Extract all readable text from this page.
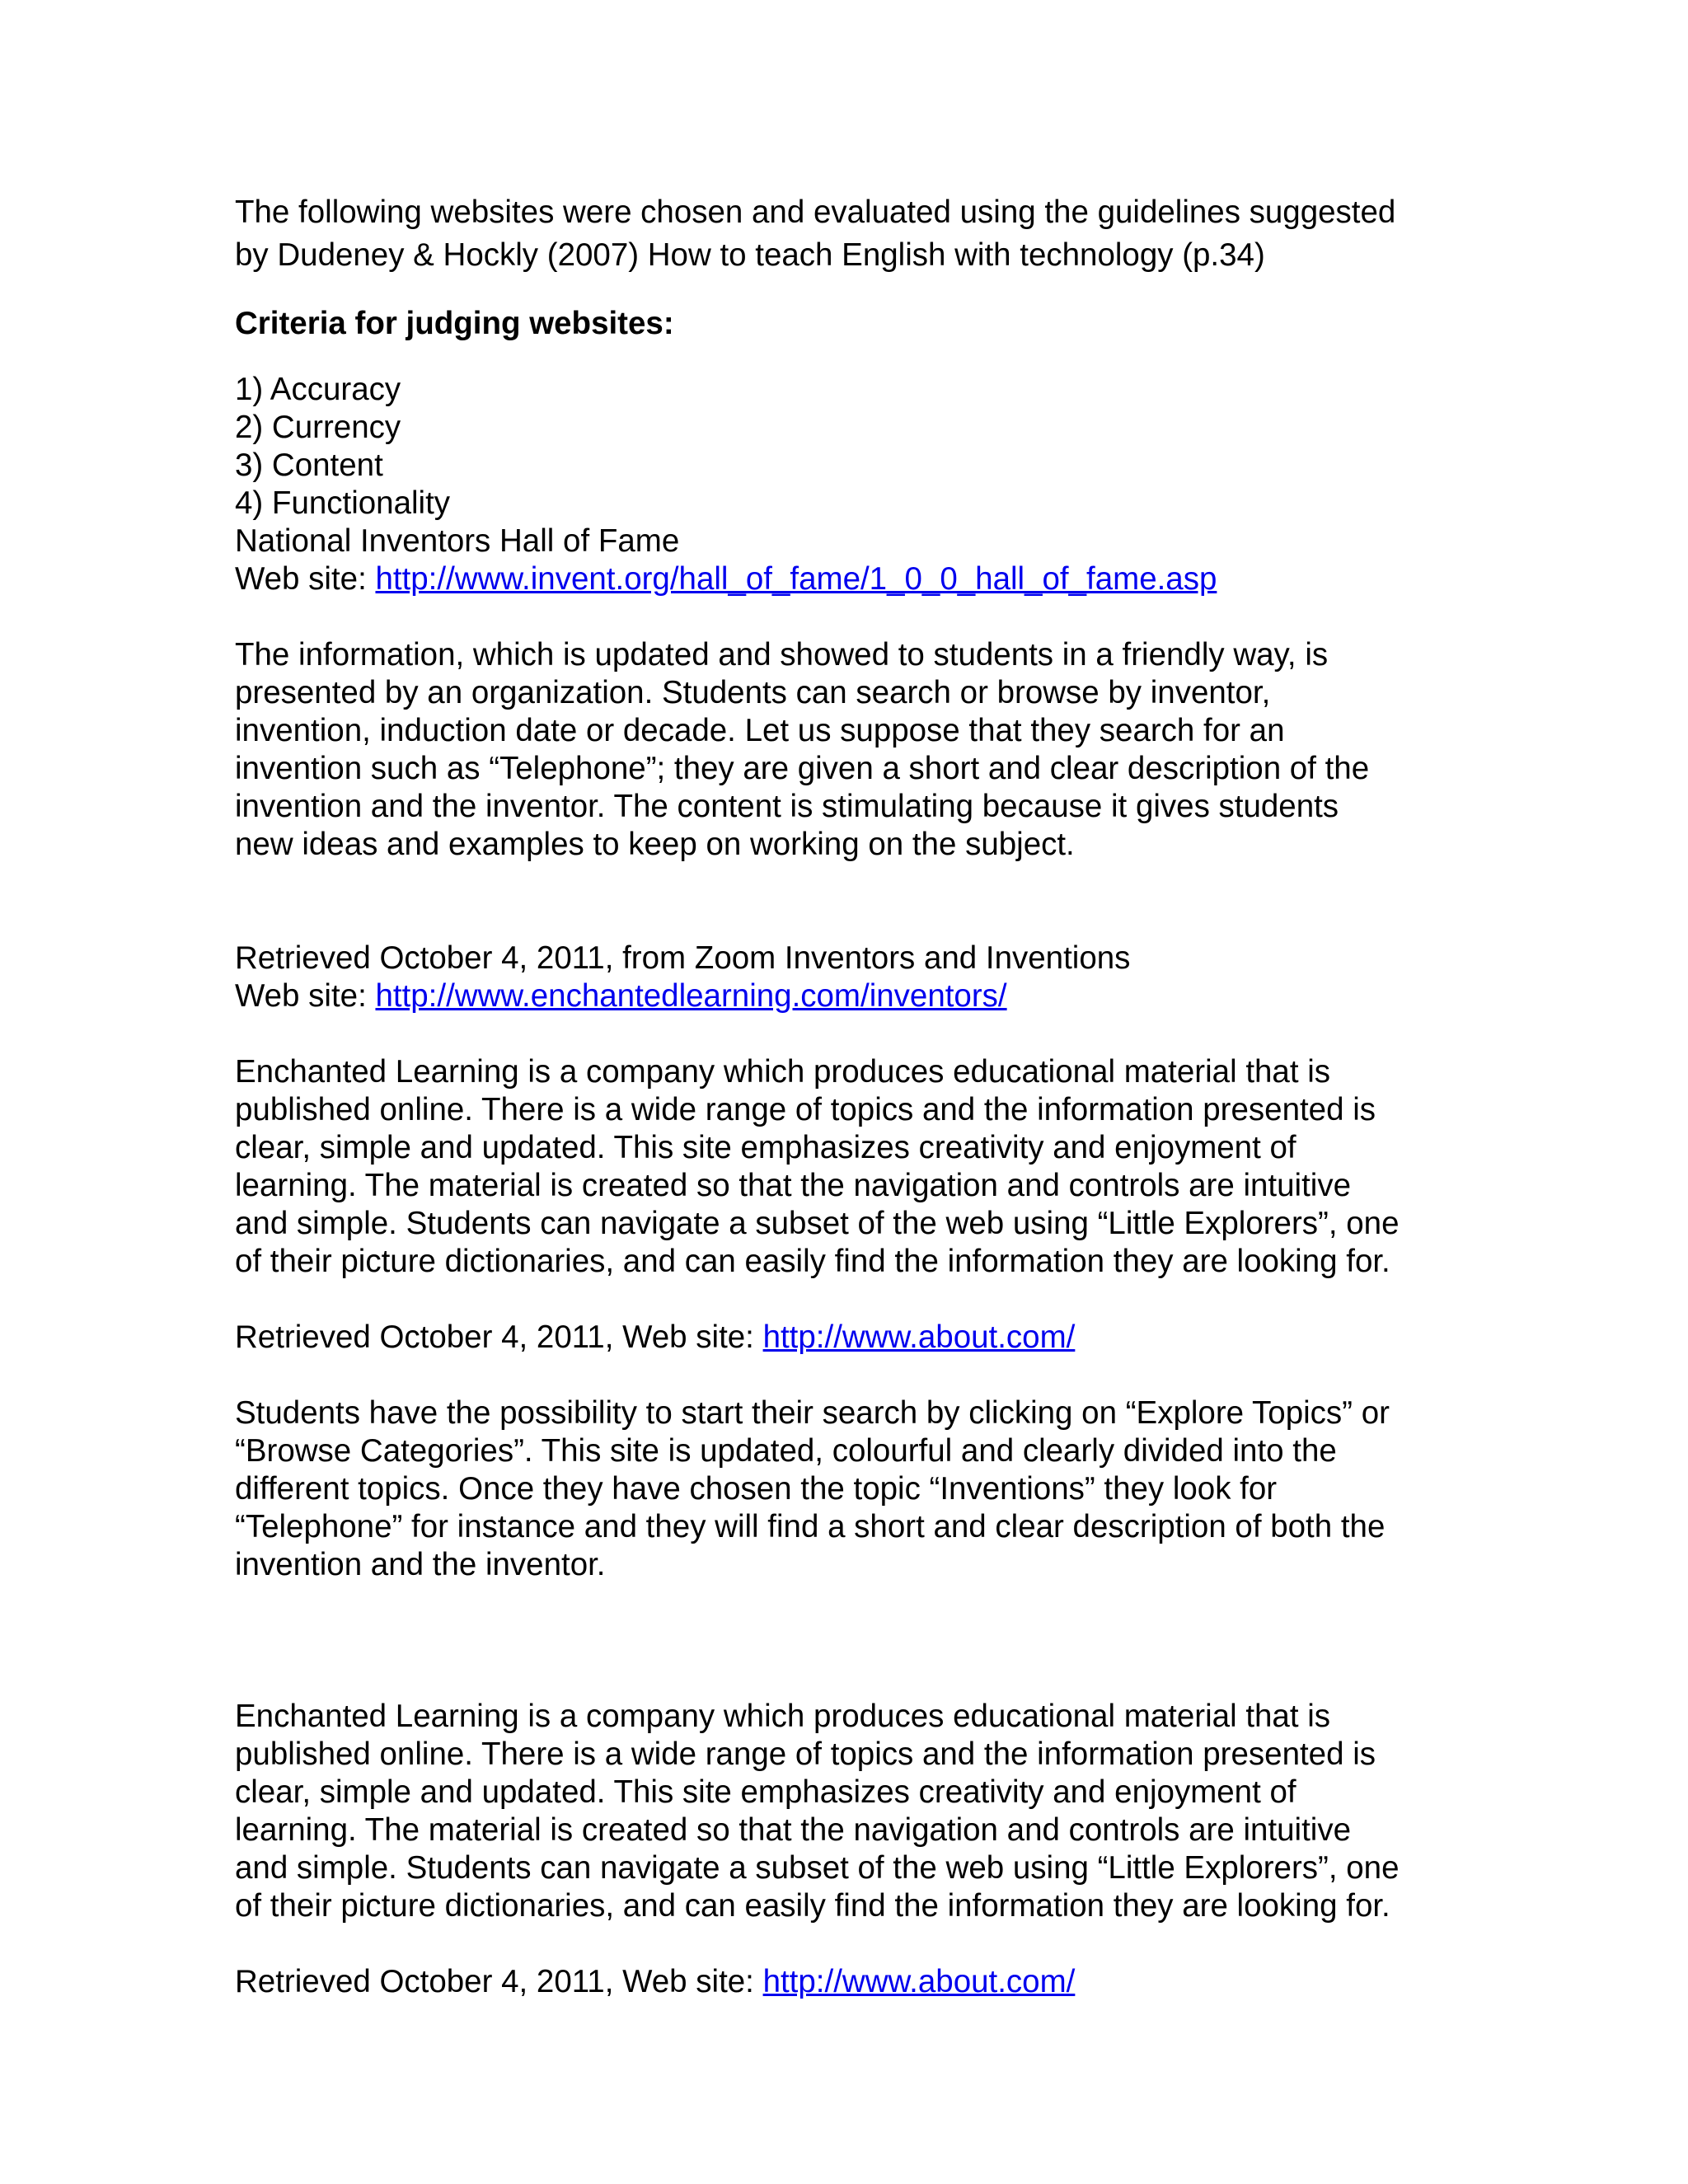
The following websites were chosen and evaluated using the guidelines suggested

by Dudeney & Hockly (2007) How to teach English with technology (p.34)

Criteria for judging websites:

1) Accuracy

2) Currency

3) Content

4) Functionality

National Inventors Hall of Fame

Web site: http://www.invent.org/hall_of_fame/1_0_0_hall_of_fame.asp

The information, which is updated and showed to students in a friendly way, is

presented by an organization. Students can search or browse by inventor,

invention, induction date or decade. Let us suppose that they search for an

invention such as “Telephone”; they are given a short and clear description of the

invention and the inventor. The content is stimulating because it gives students

new ideas and examples to keep on working on the subject.

Retrieved October 4, 2011, from Zoom Inventors and Inventions

Web site: http://www.enchantedlearning.com/inventors/

Enchanted Learning is a company which produces educational material that is

published online. There is a wide range of topics and the information presented is

clear, simple and updated. This site emphasizes creativity and enjoyment of

learning. The material is created so that the navigation and controls are intuitive

and simple. Students can navigate a subset of the web using “Little Explorers”, one

of their picture dictionaries, and can easily find the information they are looking for.

Retrieved October 4, 2011, Web site: http://www.about.com/

Students have the possibility to start their search by clicking on “Explore Topics” or

“Browse Categories”. This site is updated, colourful and clearly divided into the

different topics. Once they have chosen the topic “Inventions” they look for

“Telephone” for instance and they will find a short and clear description of both the

invention and the inventor.

Enchanted Learning is a company which produces educational material that is

published online. There is a wide range of topics and the information presented is

clear, simple and updated. This site emphasizes creativity and enjoyment of

learning. The material is created so that the navigation and controls are intuitive

and simple. Students can navigate a subset of the web using “Little Explorers”, one

of their picture dictionaries, and can easily find the information they are looking for.

Retrieved October 4, 2011, Web site: http://www.about.com/
